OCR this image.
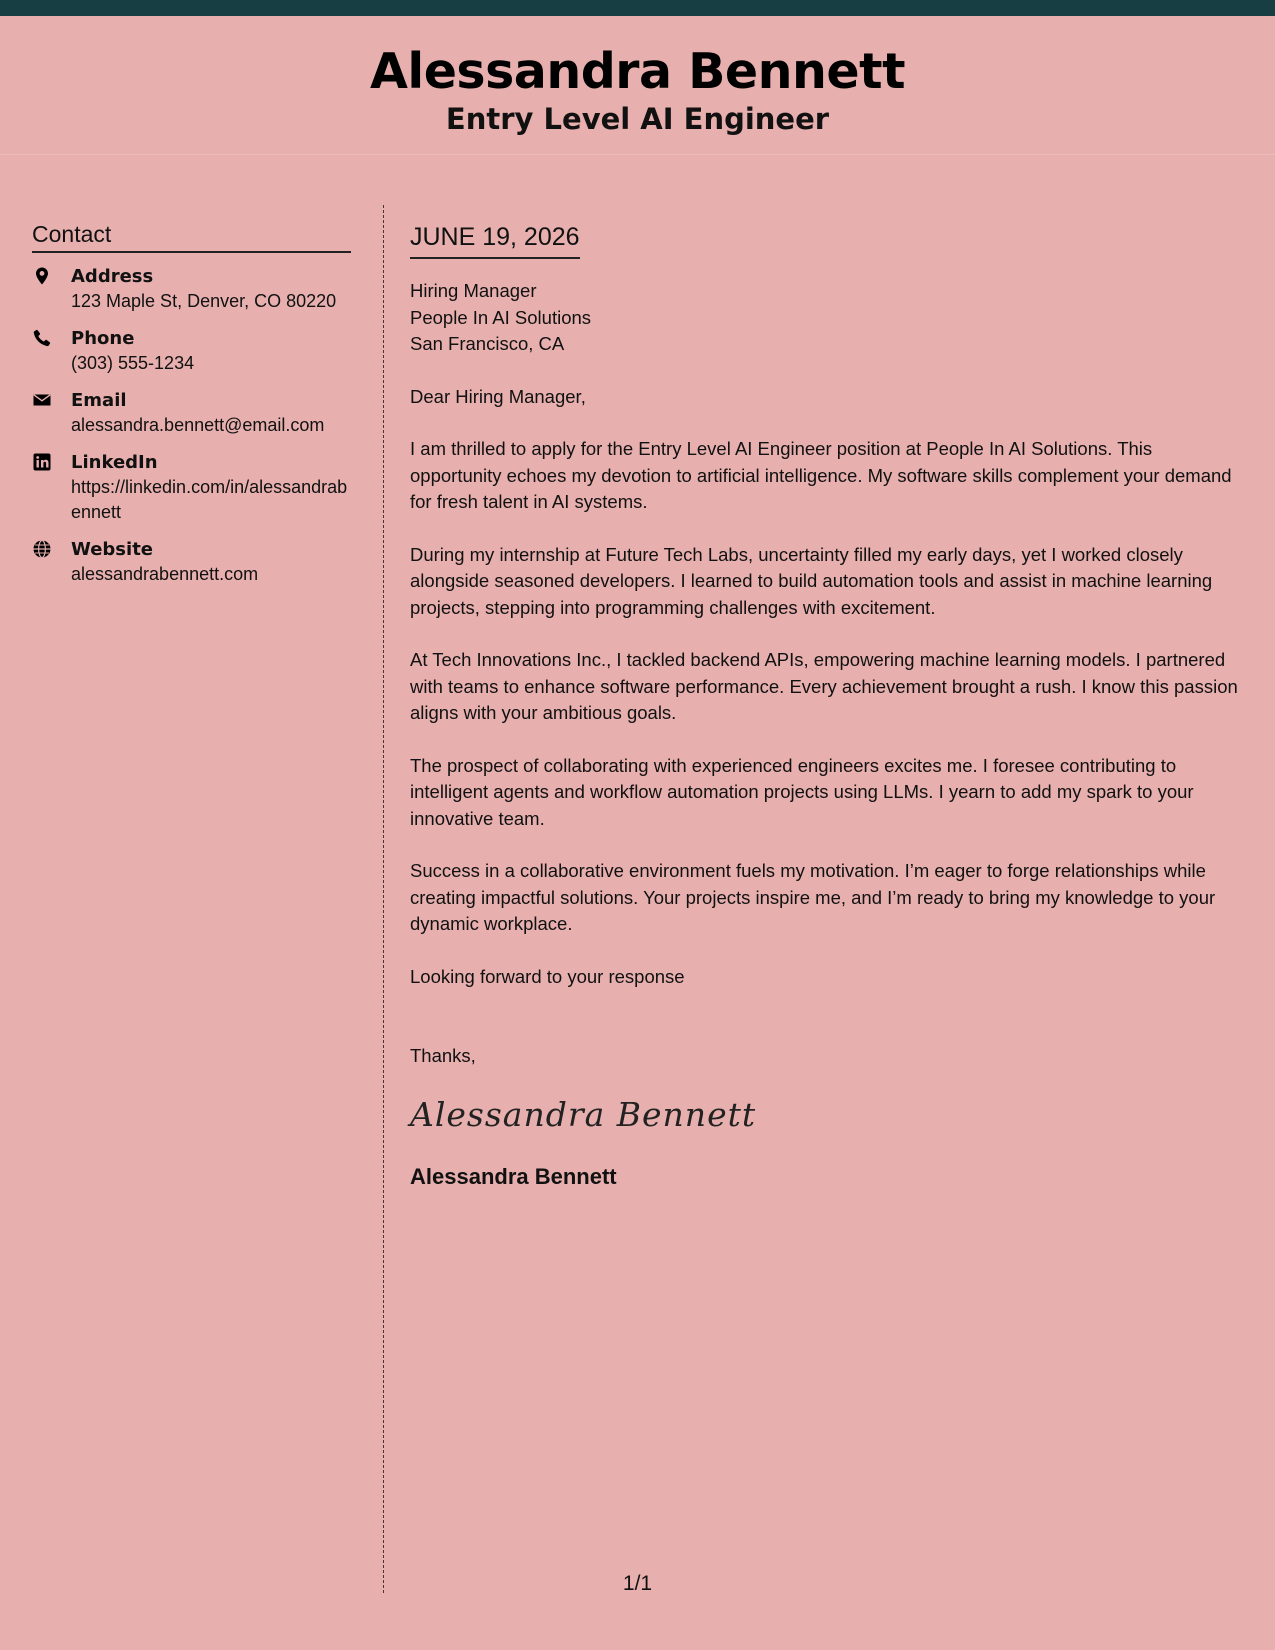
Alessandra Bennett
Entry Level AI Engineer
Contact
Address
123 Maple St, Denver, CO 80220
Phone
(303) 555-1234
Email
alessandra.bennett@email.com
LinkedIn
https://linkedin.com/in/alessandrabennett
Website
alessandrabennett.com
JUNE 19, 2026
Hiring Manager
People In AI Solutions
San Francisco, CA

Dear Hiring Manager,

I am thrilled to apply for the Entry Level AI Engineer position at People In AI Solutions. This opportunity echoes my devotion to artificial intelligence. My software skills complement your demand for fresh talent in AI systems.

During my internship at Future Tech Labs, uncertainty filled my early days, yet I worked closely alongside seasoned developers. I learned to build automation tools and assist in machine learning projects, stepping into programming challenges with excitement.

At Tech Innovations Inc., I tackled backend APIs, empowering machine learning models. I partnered with teams to enhance software performance. Every achievement brought a rush. I know this passion aligns with your ambitious goals.

The prospect of collaborating with experienced engineers excites me. I foresee contributing to intelligent agents and workflow automation projects using LLMs. I yearn to add my spark to your innovative team.

Success in a collaborative environment fuels my motivation. I’m eager to forge relationships while creating impactful solutions. Your projects inspire me, and I’m ready to bring my knowledge to your dynamic workplace.

Looking forward to your response

Thanks,

Alessandra Bennett
Alessandra Bennett
1/1
